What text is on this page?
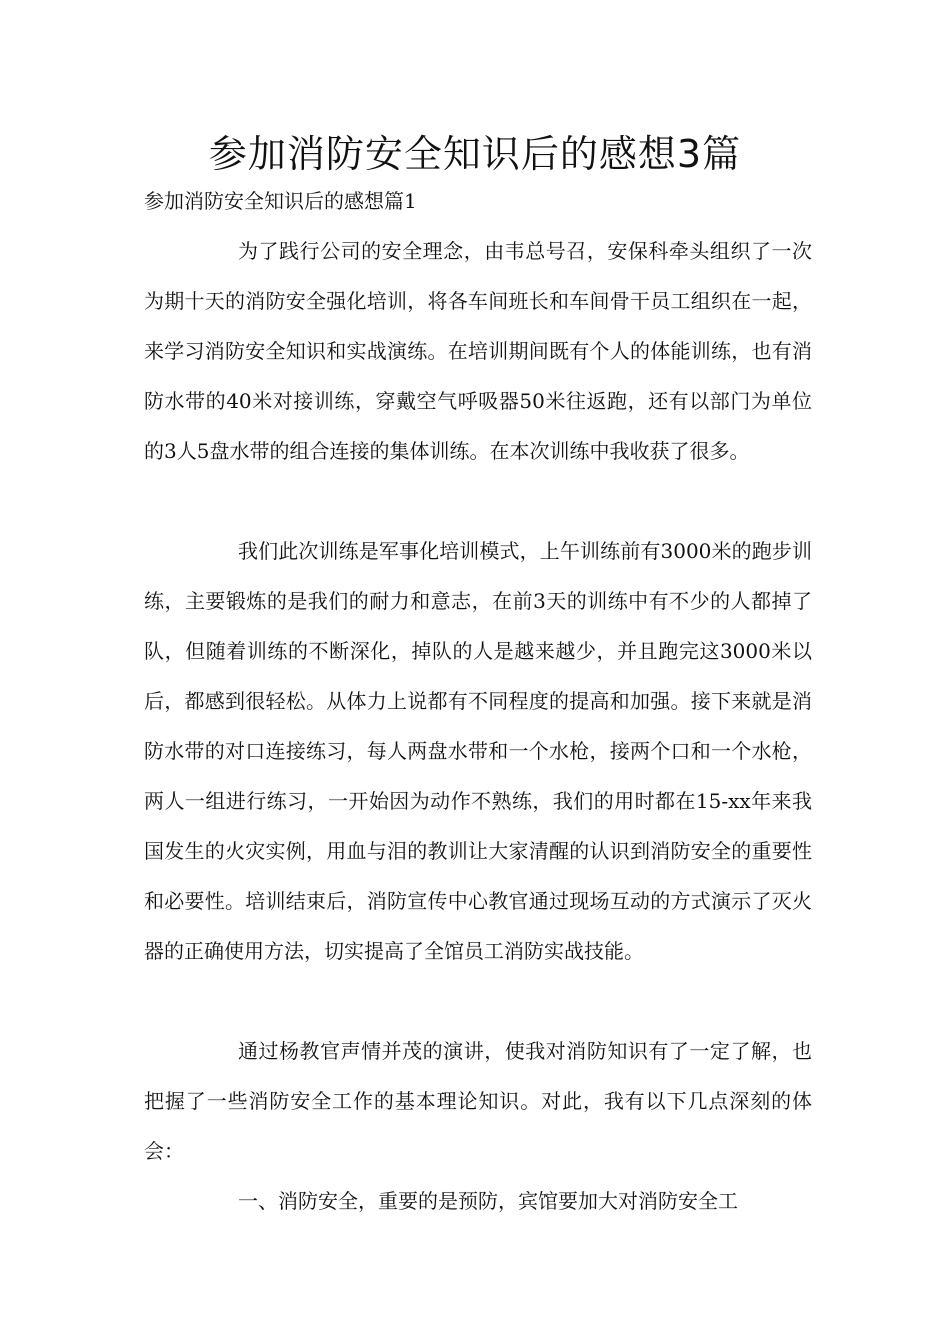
参加消防安全知识后的感想3篇

参加消防安全知识后的感想篇1

为了践行公司的安全理念，由韦总号召，安保科牵头组织了一次为期十天的消防安全强化培训，将各车间班长和车间骨干员工组织在一起，来学习消防安全知识和实战演练。在培训期间既有个人的体能训练，也有消防水带的40米对接训练，穿戴空气呼吸器50米往返跑，还有以部门为单位的3人5盘水带的组合连接的集体训练。在本次训练中我收获了很多。

我们此次训练是军事化培训模式，上午训练前有3000米的跑步训练，主要锻炼的是我们的耐力和意志，在前3天的训练中有不少的人都掉了队，但随着训练的不断深化，掉队的人是越来越少，并且跑完这3000米以后，都感到很轻松。从体力上说都有不同程度的提高和加强。接下来就是消防水带的对口连接练习，每人两盘水带和一个水枪，接两个口和一个水枪，两人一组进行练习，一开始因为动作不熟练，我们的用时都在15-xx年来我国发生的火灾实例，用血与泪的教训让大家清醒的认识到消防安全的重要性和必要性。培训结束后，消防宣传中心教官通过现场互动的方式演示了灭火器的正确使用方法，切实提高了全馆员工消防实战技能。

通过杨教官声情并茂的演讲，使我对消防知识有了一定了解，也把握了一些消防安全工作的基本理论知识。对此，我有以下几点深刻的体会：

一、消防安全，重要的是预防，宾馆要加大对消防安全工
